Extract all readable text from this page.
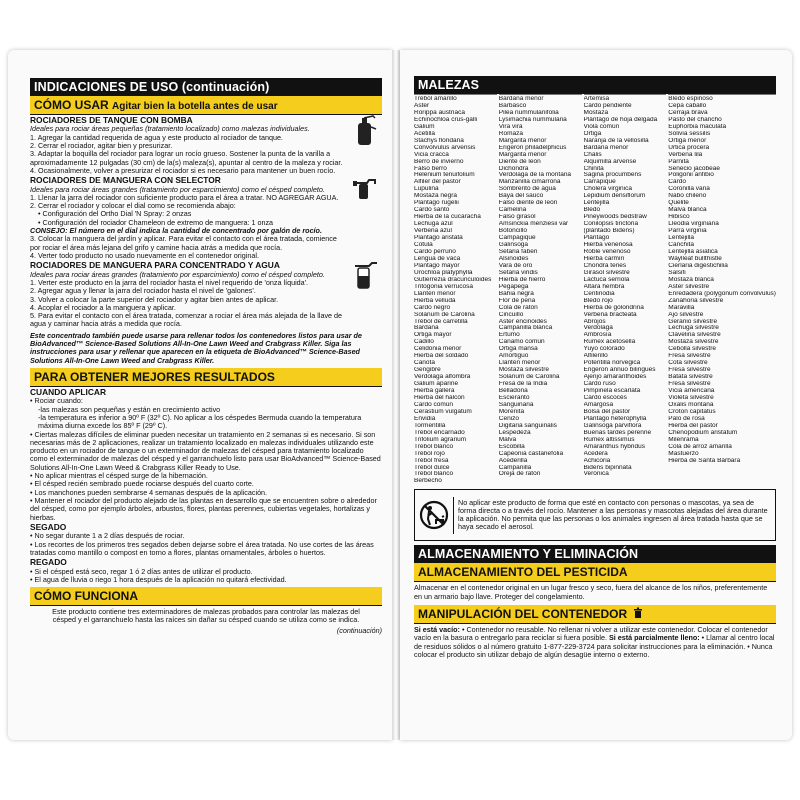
INDICACIONES DE USO (continuación)
CÓMO USAR Agitar bien la botella antes de usar
ROCIADORES DE TANQUE CON BOMBA
Ideales para rociar áreas pequeñas (tratamiento localizado) como malezas individuales.
1. Agregar la cantidad requerida de agua y este producto al rociador de tanque.
2. Cerrar el rociador, agitar bien y presurizar.
3. Adaptar la boquilla del rociador para lograr un rocío grueso. Sostener la punta de la varilla a aproximadamente 12 pulgadas (30 cm) de la(s) maleza(s), apuntar al centro de la maleza y rociar.
4. Ocasionalmente, volver a presurizar el rociador si es necesario para mantener un buen rocío.
ROCIADORES DE MANGUERA CON SELECTOR
Ideales para rociar áreas grandes (tratamiento por esparcimiento) como el césped completo.
1. Llenar la jarra del rociador con suficiente producto para el área a tratar. NO AGREGAR AGUA.
2. Cerrar el rociador y colocar el dial como se recomienda abajo:
• Configuración del Ortho Dial 'N Spray: 2 onzas
• Configuración del rociador Chameleon de extremo de manguera: 1 onza
CONSEJO: El número en el dial indica la cantidad de concentrado por galón de rocío.
3. Colocar la manguera del jardín y aplicar. Para evitar el contacto con el área tratada, comience por rociar el área más lejana del grifo y camine hacia atrás a medida que rocía.
4. Verter todo producto no usado nuevamente en el contenedor original.
ROCIADORES DE MANGUERA PARA CONCENTRADO Y AGUA
Ideales para rociar áreas grandes (tratamiento por esparcimiento) como el césped completo.
1. Verter este producto en la jarra del rociador hasta el nivel requerido de 'onza líquida'.
2. Agregar agua y llenar la jarra del rociador hasta el nivel de 'galones'.
3. Volver a colocar la parte superior del rociador y agitar bien antes de aplicar.
4. Acoplar el rociador a la manguera y aplicar.
5. Para evitar el contacto con el área tratada, comenzar a rociar el área más alejada de la llave de agua y caminar hacia atrás a medida que rocía.
Este concentrado también puede usarse para rellenar todos los contenedores listos para usar de BioAdvanced™ Science-Based Solutions All-In-One Lawn Weed and Crabgrass Killer. Siga las instrucciones para usar y rellenar que aparecen en la etiqueta de BioAdvanced™ Science-Based Solutions All-In-One Lawn Weed and Crabgrass Killer.
PARA OBTENER MEJORES RESULTADOS
CUANDO APLICAR
• Rociar cuando:
-las malezas son pequeñas y están en crecimiento activo
-la temperatura es inferior a 90º F (32º C). No aplicar a los céspedes Bermuda cuando la temperatura máxima diurna excede los 85º F (29º C).
• Ciertas malezas difíciles de eliminar pueden necesitar un tratamiento en 2 semanas si es necesario. Si son necesarias más de 2 aplicaciones, realizar un tratamiento localizado en malezas individuales utilizando este producto en un rociador de tanque o un exterminador de malezas del césped para tratamiento localizado como el exterminador de malezas del césped y el garranchuelo listo para usar BioAdvanced™ Science-Based Solutions All-In-One Lawn Weed & Crabgrass Killer Ready to Use.
• No aplicar mientras el césped surge de la hibernación.
• El césped recién sembrado puede rociarse después del cuarto corte.
• Los manchones pueden sembrarse 4 semanas después de la aplicación.
• Mantener el rociador del producto alejado de las plantas en desarrollo que se encuentren sobre o alrededor del césped, como por ejemplo árboles, arbustos, flores, plantas perennes, cubiertas vegetales, hortalizas y hierbas.
SEGADO
• No segar durante 1 a 2 días después de rociar.
• Los recortes de los primeros tres segados deben dejarse sobre el área tratada. No use cortes de las áreas tratadas como mantillo o compost en torno a flores, plantas ornamentales, árboles o huertos.
REGADO
• Si el césped está seco, regar 1 ó 2 días antes de utilizar el producto.
• El agua de lluvia o riego 1 hora después de la aplicación no quitará efectividad.
CÓMO FUNCIONA
Este producto contiene tres exterminadores de malezas probados para controlar las malezas del césped y el garranchuelo hasta las raíces sin dañar su césped cuando se utiliza como se indica.
(continuación)
MALEZAS
Trébol amarillo
Aster
Rorippa austriaca
Echinochloa crus-galli
Galium
Acetilla
Stachys floridana
Convolvulus arvensis
Vicia cracca
Berro de invierno
Falso berro
Helenium tenuifolium
Alfiler del pastor
Lupulina
Mostaza negra
Plantago rugelii
Cardo santo
Hierba de la cucaracha
Lechuga azul
Verbena azul
Plantago aristata
Cotula
Cardo perruno
Lengua de vaca
Plantago mayor
Urochloa platyphylla
Gutierrezia dracunculoides
Tritogonia verrucosa
Llantén menor
Hierba velluda
Cardo negro
Solanum de Carolina
Trébol de carretilla
Bardana
Ortiga mayor
Cadillo
Celidonia menor
Hierba del soldado
Cañota
Gengibre
Verdolaga alfombra
Galium aparine
Hierba gallera
Hierba del halcón
Cardo común
Cerastium vulgatum
Envidia
Tormentilla
Trébol encarnado
Trifolium agrarium
Trébol blanco
Trébol rojo
Trébol fresa
Trébol dulce
Trébol blanco
Berbecho
Bardana menor
Barbasco
Pilea nummulariifolia
Lysimachia nummularia
Vira vira
Romaza
Margarita menor
Erigeron philadelphicus
Margarita menor
Diente de león
Dichondra
Verdolaga de la montaña
Manzanilla cimarrona
Sombrerito de agua
Baya del saúco
Falso diente de león
Camelina
Falso girasol
Amsinckia menziesii var
Botoncillo
Campagique
Galinsoga
Setaria faberi
Alsinoides
Vara de oro
Setaria viridis
Hierba de hierro
Pegapega
Bahia negra
Flor de peña
Cola de ratón
Cincuillo
Aster encinoides
Campanilla blanca
Ertumo
Cañamo común
Ortiga mansa
Amortiguo
Llantén menor
Mostaza silvestre
Solanum de Carolina
Fresa de la India
Belladona
Escieranto
Sanguinaria
Morenita
Cenizo
Digitaria sanguinalis
Lespedeza
Malva
Escobilla
Capeonia castanefolia
Acederilla
Campanilla
Oreja de ratón
Artemisa
Cardo pendiente
Mostaza
Plántago de hoja delgada
Viola común
Ortiga
Naranja de la vellosilla
Bardana menor
Chalis
Alquimilla arvense
Chinita
Sagina procumbens
Carrapique
Cholera virginica
Lepidium densiflorum
Lentejilla
Bledo
Pineywoods bedstraw
Conilopsis tinctoria
(plántado Bidens)
Plántago
Hierba venenosa
Roble venenoso
Hierba carmín
Chondra tenes
Girasol silvestre
Lactuca serriola
Altara hembra
Centinodia
Bledo rojo
Hierba de golondrina
Verbena bracteata
Abrojos
Verdolaga
Ambrosía
Rumex acetosella
Yuyo colorado
Alfilerillo
Potentilla norvegica
Erigeron annuo bilingues
Ajenjo amaranthoides
Cardo ruso
Pimpinela escarlata
Cardo escocés
Amargosa
Bolsa del pastor
Plántago heterophylla
Galinsoga parviflora
Buenas tardes perenne
Rumex altissimus
Amaranthus hybridus
Acedera
Achicoria
Bidens bipinnata
Verónica
Bledo espinoso
Cepa caballo
Cerraja brava
Pasto del chancho
Euphorbia maculata
Solivia sessilis
Ortiga menor
Urtica procera
Verbena lila
Parnita
Senecio jacobeae
Poligonii anfibio
Cardo
Coronilla varia
Nabo chileno
Quelite
Malva blanca
Hibisco
Lleodia virginiana
Parra virginia
Lentejilla
Canchita
Lentejilla asiatica
Waylleaf bullthistle
Cierlaria digestichilia
Salsifi
Mostaza blanca
Aster silvestre
Enredadera (polygonum convolvulus)
Zanahoria silvestre
Maravilla
Ajo silvestre
Geranio silvestre
Lechuga silvestre
Clavelina silvestre
Mostaza silvestre
Cebolla silvestre
Fresa silvestre
Cota silvestre
Fresa silvestre
Batata silvestre
Fresa silvestre
Vicia americana
Violeta silvestre
Oxalis montana
Croton capitatus
Palo de rosa
Hierba del pastor
Chenopodium aristatum
Milenrama
Cola de arroz amarilla
Mastuerzo
Hierba de Santa Bárbara
No aplicar este producto de forma que esté en contacto con personas o mascotas, ya sea de forma directa o a través del rocío. Mantener a las personas y mascotas alejadas del área durante la aplicación. No permita que las personas o los animales ingresen al área tratada hasta que se haya secado el aerosol.
ALMACENAMIENTO Y ELIMINACIÓN
ALMACENAMIENTO DEL PESTICIDA
Almacenar en el contenedor original en un lugar fresco y seco, fuera del alcance de los niños, preferentemente en un armario bajo llave. Proteger del congelamiento.
MANIPULACIÓN DEL CONTENEDOR
Si está vacío: • Contenedor no reusable. No rellenar ni volver a utilizar este contenedor. Colocar el contenedor vacío en la basura o entregarlo para reciclar si fuera posible. Si está parcialmente lleno: • Llamar al centro local de residuos sólidos o al número gratuito 1-877-229-3724 para solicitar instrucciones para la eliminación. • Nunca colocar el producto sin utilizar debajo de algún desagüe interno o externo.
